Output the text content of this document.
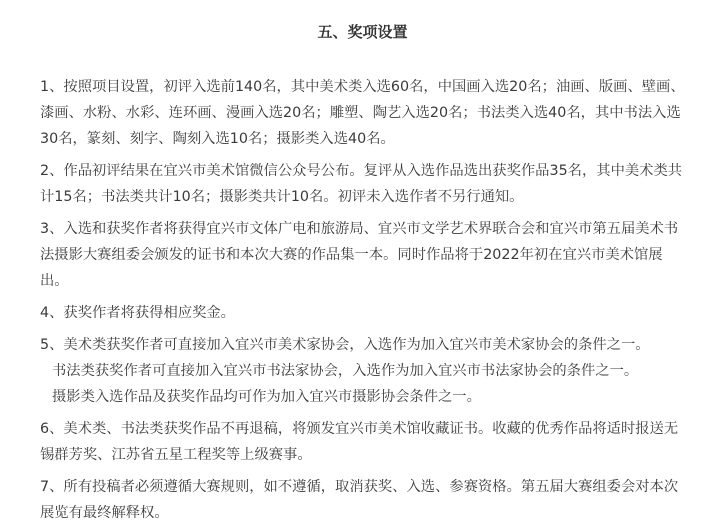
五、奖项设置
1、按照项目设置，初评入选前140名，其中美术类入选60名，中国画入选20名；油画、版画、壁画、
漆画、水粉、水彩、连环画、漫画入选20名；雕塑、陶艺入选20名；书法类入选40名，其中书法入选
30名，篆刻、刻字、陶刻入选10名；摄影类入选40名。
2、作品初评结果在宜兴市美术馆微信公众号公布。复评从入选作品选出获奖作品35名，其中美术类共
计15名；书法类共计10名；摄影类共计10名。初评未入选作者不另行通知。
3、入选和获奖作者将获得宜兴市文体广电和旅游局、宜兴市文学艺术界联合会和宜兴市第五届美术书
法摄影大赛组委会颁发的证书和本次大赛的作品集一本。同时作品将于2022年初在宜兴市美术馆展
出。
4、获奖作者将获得相应奖金。
5、美术类获奖作者可直接加入宜兴市美术家协会，入选作为加入宜兴市美术家协会的条件之一。
书法类获奖作者可直接加入宜兴市书法家协会，入选作为加入宜兴市书法家协会的条件之一。
摄影类入选作品及获奖作品均可作为加入宜兴市摄影协会条件之一。
6、美术类、书法类获奖作品不再退稿，将颁发宜兴市美术馆收藏证书。收藏的优秀作品将适时报送无
锡群芳奖、江苏省五星工程奖等上级赛事。
7、所有投稿者必须遵循大赛规则，如不遵循，取消获奖、入选、参赛资格。第五届大赛组委会对本次
展览有最终解释权。
